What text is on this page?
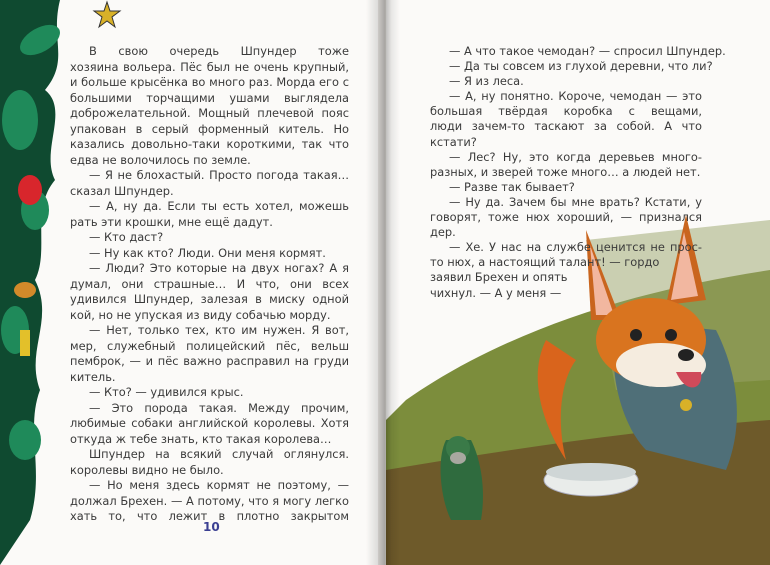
В свою очередь Шпундер тоже
хозяина вольера. Пёс был не очень крупный,
и больше крысёнка во много раз. Морда его с
большими торчащими ушами выглядела
доброжелательной. Мощный плечевой пояс
упакован в серый форменный китель. Но
казались довольно-таки короткими, так что
едва не волочилось по земле.
— Я не блохастый. Просто погода такая…
сказал Шпундер.
— А, ну да. Если ты есть хотел, можешь
рать эти крошки, мне ещё дадут.
— Кто даст?
— Ну как кто? Люди. Они меня кормят.
— Люди? Это которые на двух ногах? А я
думал, они страшные… И что, они всех
удивился Шпундер, залезая в миску одной
кой, но не упуская из виду собачью морду.
— Нет, только тех, кто им нужен. Я вот,
мер, служебный полицейский пёс, вельш
пемброк, — и пёс важно расправил на груди
китель.
— Кто? — удивился крыс.
— Это порода такая. Между прочим,
любимые собаки английской королевы. Хотя
откуда ж тебе знать, кто такая королева…
Шпундер на всякий случай оглянулся.
королевы видно не было.
— Но меня здесь кормят не поэтому, —
должал Брехен. — А потому, что я могу легко
хать то, что лежит в плотно закрытом
10
— А что такое чемодан? — спросил Шпундер.
— Да ты совсем из глухой деревни, что ли?
— Я из леса.
— А, ну понятно. Короче, чемодан — это
большая твёрдая коробка с вещами,
люди зачем-то таскают за собой. А что
кстати?
— Лес? Ну, это когда деревьев много-
разных, и зверей тоже много… а людей нет.
— Разве так бывает?
— Ну да. Зачем бы мне врать? Кстати, у
говорят, тоже нюх хороший, — признался
дер.
— Хе. У нас на службе ценится не прос-
то нюх, а настоящий талант! — гордо
заявил Брехен и опять
чихнул. — А у меня —
